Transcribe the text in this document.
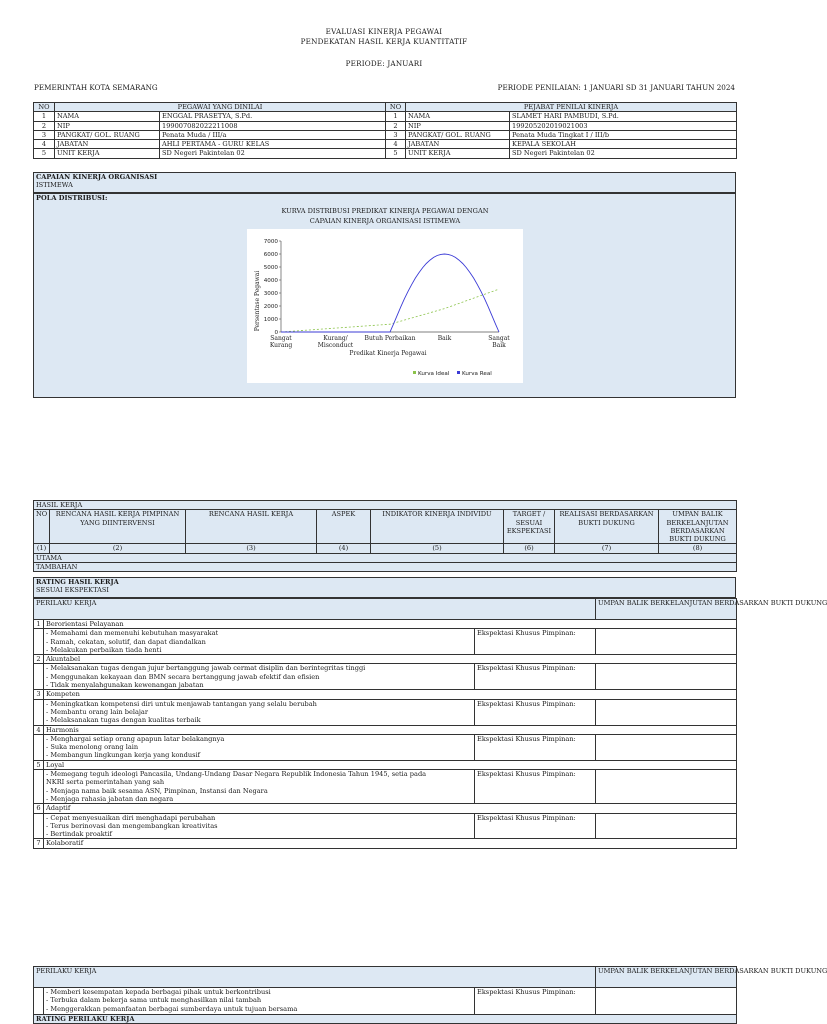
EVALUASI KINERJA PEGAWAI
PENDEKATAN HASIL KERJA KUANTITATIF
PERIODE: JANUARI
PEMERINTAH KOTA SEMARANG	PERIODE PENILAIAN: 1 JANUARI SD 31 JANUARI TAHUN 2024
NO	PEGAWAI YANG DINILAI		NO	PEJABAT PENILAI KINERJA	
1	NAMA	ENGGAL PRASETYA, S.Pd.	1	NAMA	SLAMET HARI PAMBUDI, S.Pd.
2	NIP	199007082022211008	2	NIP	199205202019021003
3	PANGKAT/ GOL. RUANG	Penata Muda / III/a	3	PANGKAT/ GOL. RUANG	Penata Muda Tingkat I / III/b
4	JABATAN	AHLI PERTAMA - GURU KELAS	4	JABATAN	KEPALA SEKOLAH
5	UNIT KERJA	SD Negeri Pakintelan 02	5	UNIT KERJA	SD Negeri Pakintelan 02
CAPAIAN KINERJA ORGANISASI
ISTIMEWA
POLA DISTRIBUSI:
KURVA DISTRIBUSI PREDIKAT KINERJA PEGAWAI DENGAN
CAPAIAN KINERJA ORGANISASI ISTIMEWA
0
1000
2000
3000
4000
5000
6000
7000
Sangat
Kurang
Kurang/
Misconduct
Butuh Perbaikan	Baik	Sangat
Baik
Predikat Kinerja Pegawai
Persentase Pegawai
Kurva Ideal Kurva Real
HASIL KERJA							
NO	RENCANA HASIL KERJA PIMPINAN YANG DIINTERVENSI	RENCANA HASIL KERJA	ASPEK	INDIKATOR KINERJA INDIVIDU	TARGET / SESUAI EKSPEKTASI	REALISASI BERDASARKAN BUKTI DUKUNG	UMPAN BALIK BERKELANJUTAN BERDASARKAN BUKTI DUKUNG
(1)	(2)	(3)	(4)	(5)	(6)	(7)	(8)
UTAMA							
TAMBAHAN							
RATING HASIL KERJA
SESUAI EKSPEKTASI
PERILAKU KERJA			UMPAN BALIK BERKELANJUTAN BERDASARKAN BUKTI DUKUNG
1	Berorientasi Pelayanan		

	- Memahami dan memenuhi kebutuhan masyarakat
- Ramah, cekatan, solutif, dan dapat diandalkan
- Melakukan perbaikan tiada henti	Ekspektasi Khusus Pimpinan:	
2	Akuntabel		

	- Melaksanakan tugas dengan jujur bertanggung jawab cermat disiplin dan berintegritas tinggi
- Menggunakan kekayaan dan BMN secara bertanggung jawab efektif dan efisien
- Tidak menyalahgunakan kewenangan jabatan	Ekspektasi Khusus Pimpinan:	
3	Kompeten		

	- Meningkatkan kompetensi diri untuk menjawab tantangan yang selalu berubah
- Membantu orang lain belajar
- Melaksanakan tugas dengan kualitas terbaik	Ekspektasi Khusus Pimpinan:	
4	Harmonis		

	- Menghargai setiap orang apapun latar belakangnya
- Suka menolong orang lain
- Membangun lingkungan kerja yang kondusif	Ekspektasi Khusus Pimpinan:	
5	Loyal		

	- Memegang teguh ideologi Pancasila, Undang-Undang Dasar Negara Republik Indonesia Tahun 1945, setia pada
NKRI serta pemerintahan yang sah
- Menjaga nama baik sesama ASN, Pimpinan, Instansi dan Negara
- Menjaga rahasia jabatan dan negara	Ekspektasi Khusus Pimpinan:	
6	Adaptif		

	- Cepat menyesuaikan diri menghadapi perubahan
- Terus berinovasi dan mengembangkan kreativitas
- Bertindak proaktif	Ekspektasi Khusus Pimpinan:	
7	Kolaboratif		
PERILAKU KERJA			UMPAN BALIK BERKELANJUTAN BERDASARKAN BUKTI DUKUNG

	- Memberi kesempatan kepada berbagai pihak untuk berkontribusi
- Terbuka dalam bekerja sama untuk menghasilkan nilai tambah
- Menggerakkan pemanfaatan berbagai sumberdaya untuk tujuan bersama	Ekspektasi Khusus Pimpinan:	
RATING PERILAKU KERJA			
